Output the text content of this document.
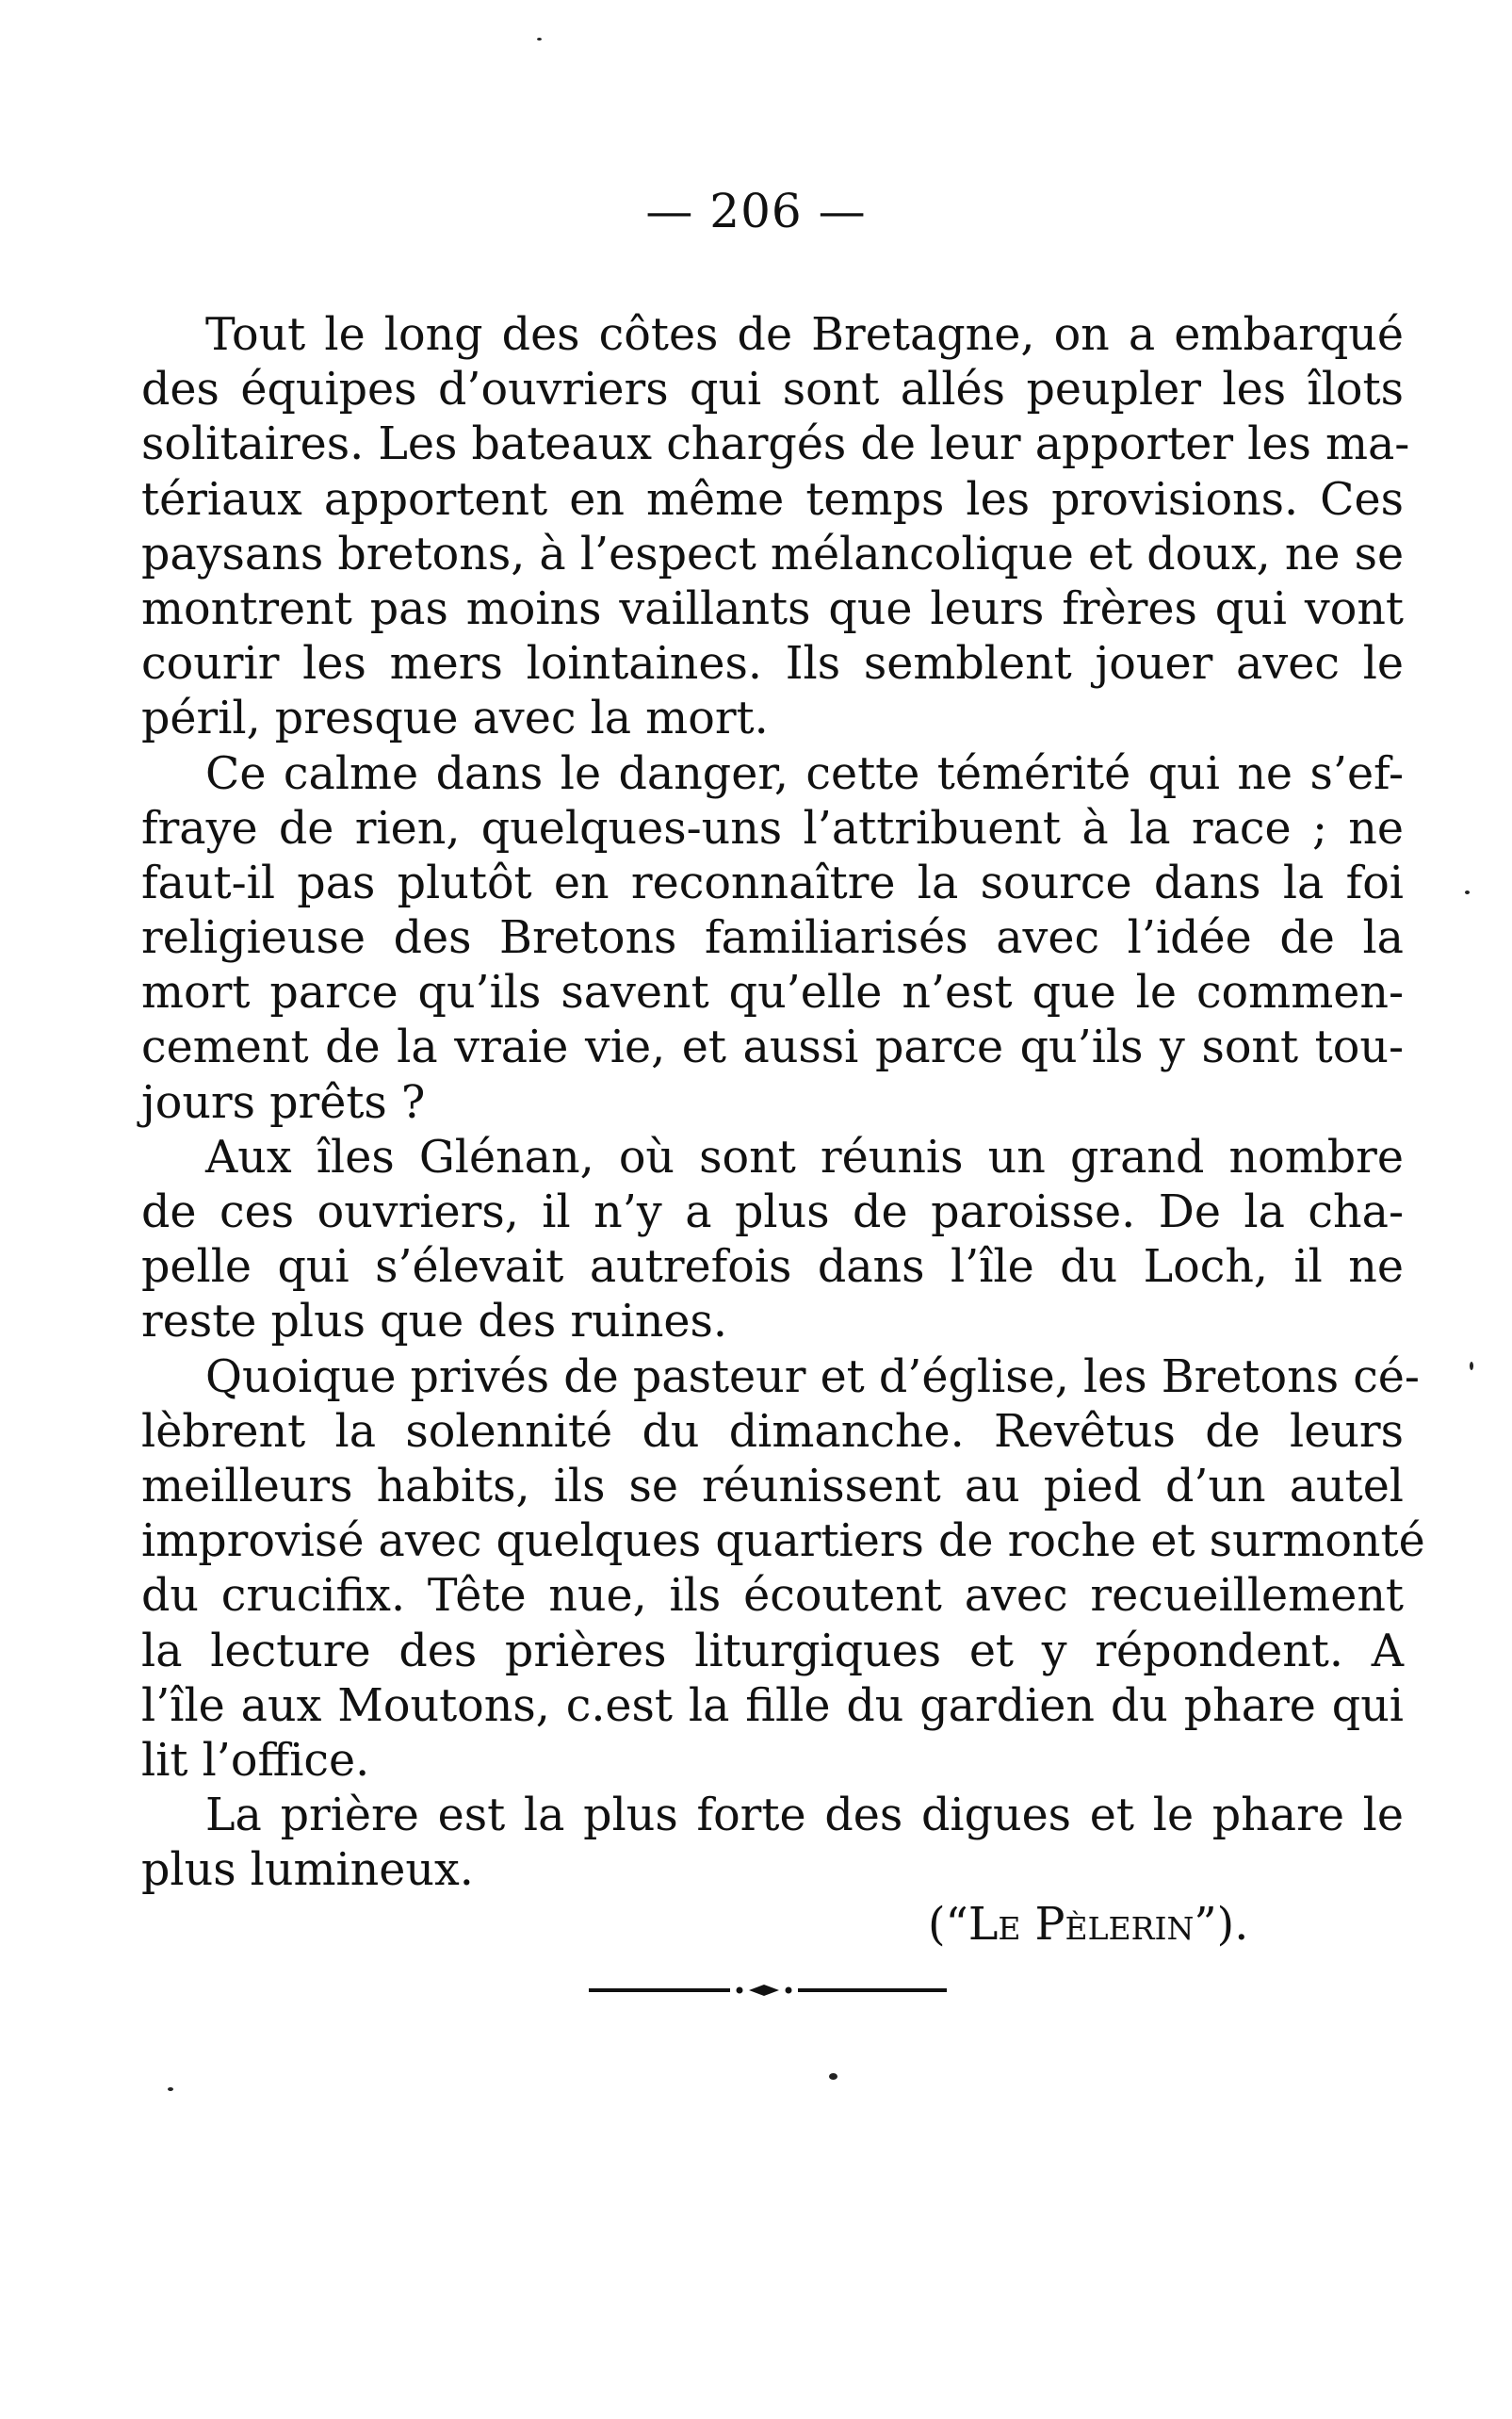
— 206 —
Tout le long des côtes de Bretagne, on a embarqué
des équipes d’ouvriers qui sont allés peupler les îlots
solitaires. Les bateaux chargés de leur apporter les ma-
tériaux apportent en même temps les provisions. Ces
paysans bretons, à l’espect mélancolique et doux, ne se
montrent pas moins vaillants que leurs frères qui vont
courir les mers lointaines. Ils semblent jouer avec le
péril, presque avec la mort.
Ce calme dans le danger, cette témérité qui ne s’ef-
fraye de rien, quelques-uns l’attribuent à la race ; ne
faut-il pas plutôt en reconnaître la source dans la foi
religieuse des Bretons familiarisés avec l’idée de la
mort parce qu’ils savent qu’elle n’est que le commen-
cement de la vraie vie, et aussi parce qu’ils y sont tou-
jours prêts ?
Aux îles Glénan, où sont réunis un grand nombre
de ces ouvriers, il n’y a plus de paroisse. De la cha-
pelle qui s’élevait autrefois dans l’île du Loch, il ne
reste plus que des ruines.
Quoique privés de pasteur et d’église, les Bretons cé-
lèbrent la solennité du dimanche. Revêtus de leurs
meilleurs habits, ils se réunissent au pied d’un autel
improvisé avec quelques quartiers de roche et surmonté
du crucifix. Tête nue, ils écoutent avec recueillement
la lecture des prières liturgiques et y répondent. A
l’île aux Moutons, c.est la fille du gardien du phare qui
lit l’office.
La prière est la plus forte des digues et le phare le
plus lumineux.
(“Le Pèlerin”).
